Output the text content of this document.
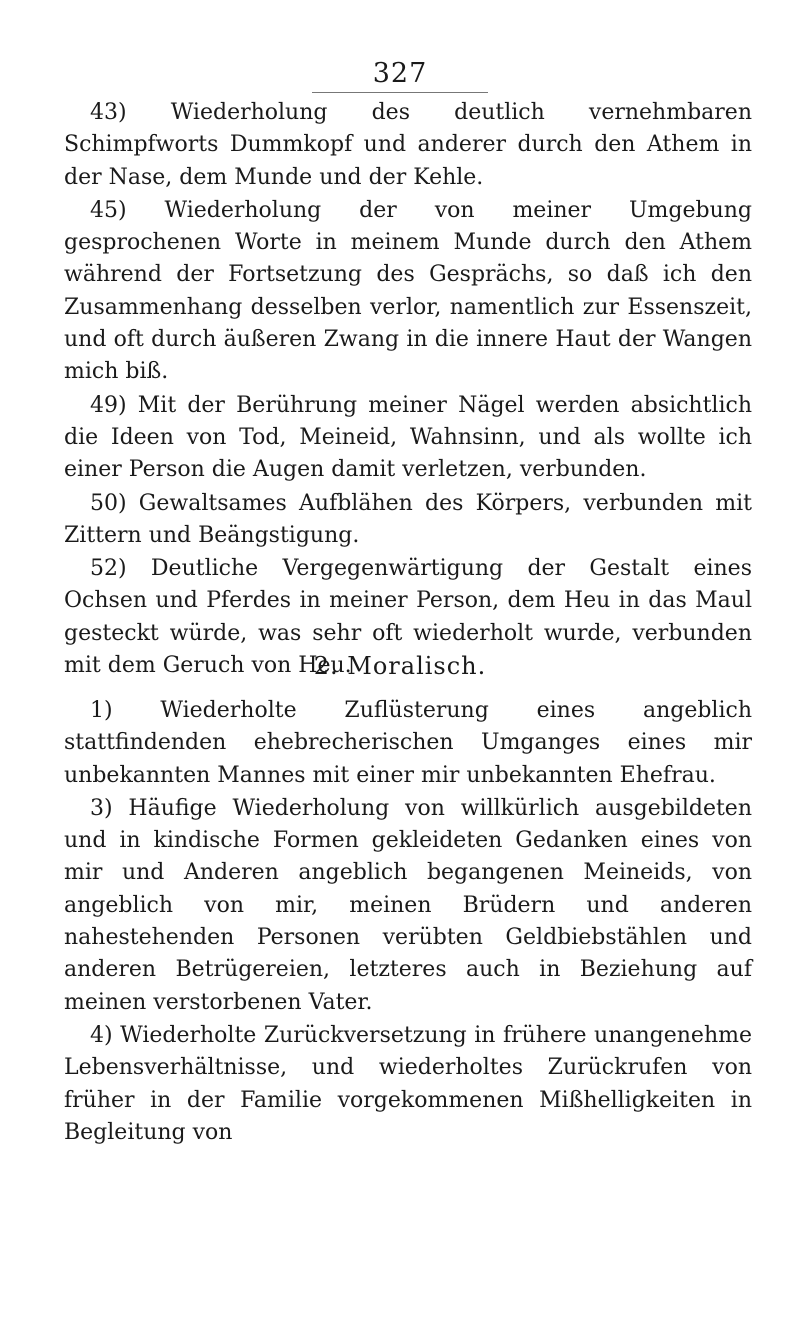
327

43) Wiederholung des deutlich vernehmbaren Schimpfworts Dummkopf und anderer durch den Athem in der Nase, dem Munde und der Kehle.

45) Wiederholung der von meiner Umgebung gesprochenen Worte in meinem Munde durch den Athem während der Fortsetzung des Gesprächs, so daß ich den Zusammenhang desselben verlor, namentlich zur Essenszeit, und oft durch äußeren Zwang in die innere Haut der Wangen mich biß.

49) Mit der Berührung meiner Nägel werden absichtlich die Ideen von Tod, Meineid, Wahnsinn, und als wollte ich einer Person die Augen damit verletzen, verbunden.

50) Gewaltsames Aufblähen des Körpers, verbunden mit Zittern und Beängstigung.

52) Deutliche Vergegenwärtigung der Gestalt eines Ochsen und Pferdes in meiner Person, dem Heu in das Maul gesteckt würde, was sehr oft wiederholt wurde, verbunden mit dem Geruch von Heu.

2. Moralisch.

1) Wiederholte Zuflüsterung eines angeblich stattfindenden ehebrecherischen Umganges eines mir unbekannten Mannes mit einer mir unbekannten Ehefrau.

3) Häufige Wiederholung von willkürlich ausgebildeten und in kindische Formen gekleideten Gedanken eines von mir und Anderen angeblich begangenen Meineids, von angeblich von mir, meinen Brüdern und anderen nahestehenden Personen verübten Geldbiebstählen und anderen Betrügereien, letzteres auch in Beziehung auf meinen verstorbenen Vater.

4) Wiederholte Zurückversetzung in frühere unangenehme Lebensverhältnisse, und wiederholtes Zurückrufen von früher in der Familie vorgekommenen Mißhelligkeiten in Begleitung von
